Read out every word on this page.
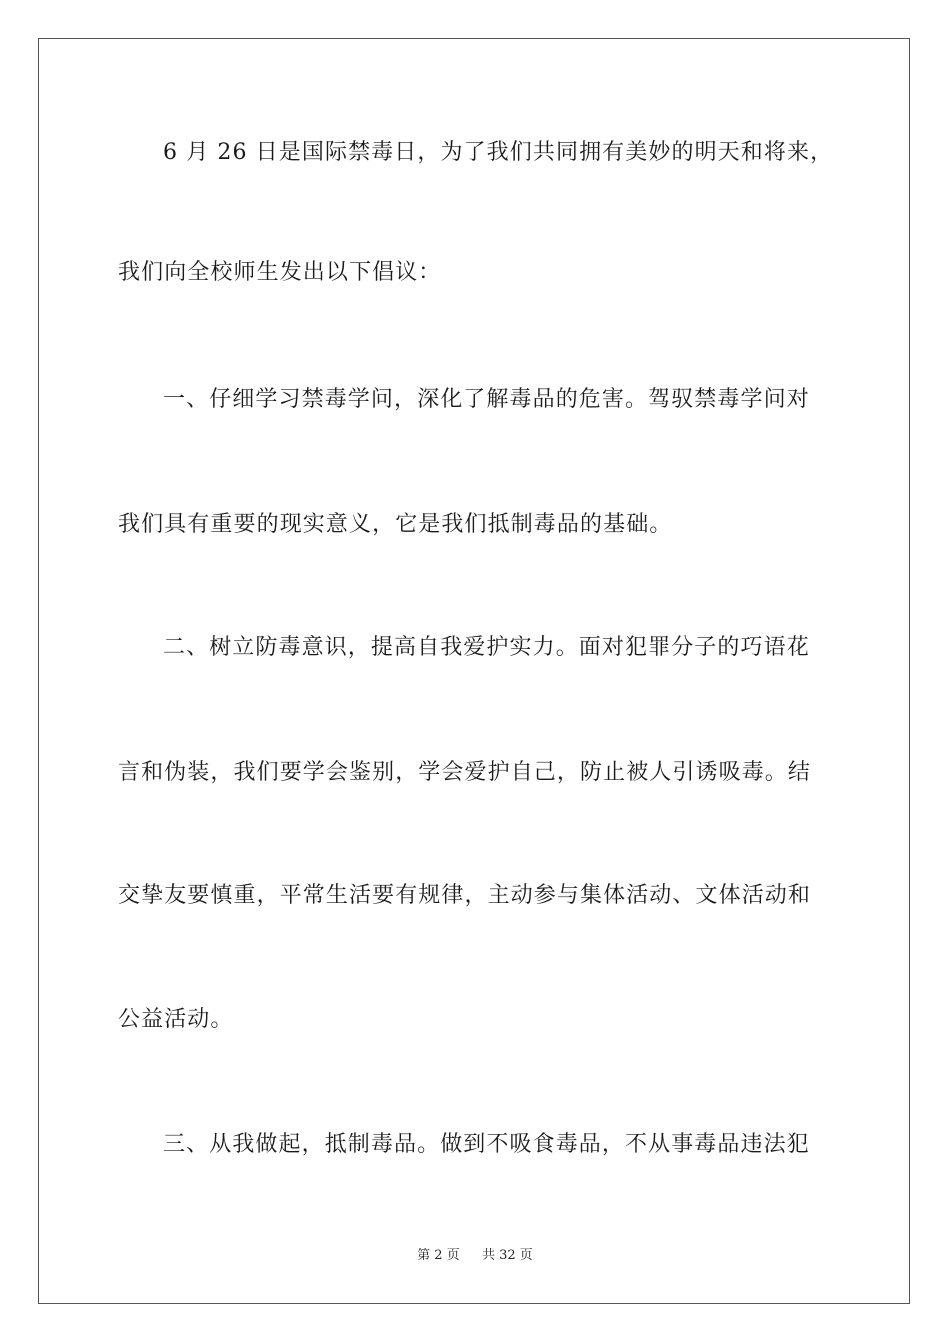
6 月 26 日是国际禁毒日，为了我们共同拥有美妙的明天和将来，
我们向全校师生发出以下倡议：
一、仔细学习禁毒学问，深化了解毒品的危害。驾驭禁毒学问对
我们具有重要的现实意义，它是我们抵制毒品的基础。
二、树立防毒意识，提高自我爱护实力。面对犯罪分子的巧语花
言和伪装，我们要学会鉴别，学会爱护自己，防止被人引诱吸毒。结
交挚友要慎重，平常生活要有规律，主动参与集体活动、文体活动和
公益活动。
三、从我做起，抵制毒品。做到不吸食毒品，不从事毒品违法犯
第 2 页 共 32 页
